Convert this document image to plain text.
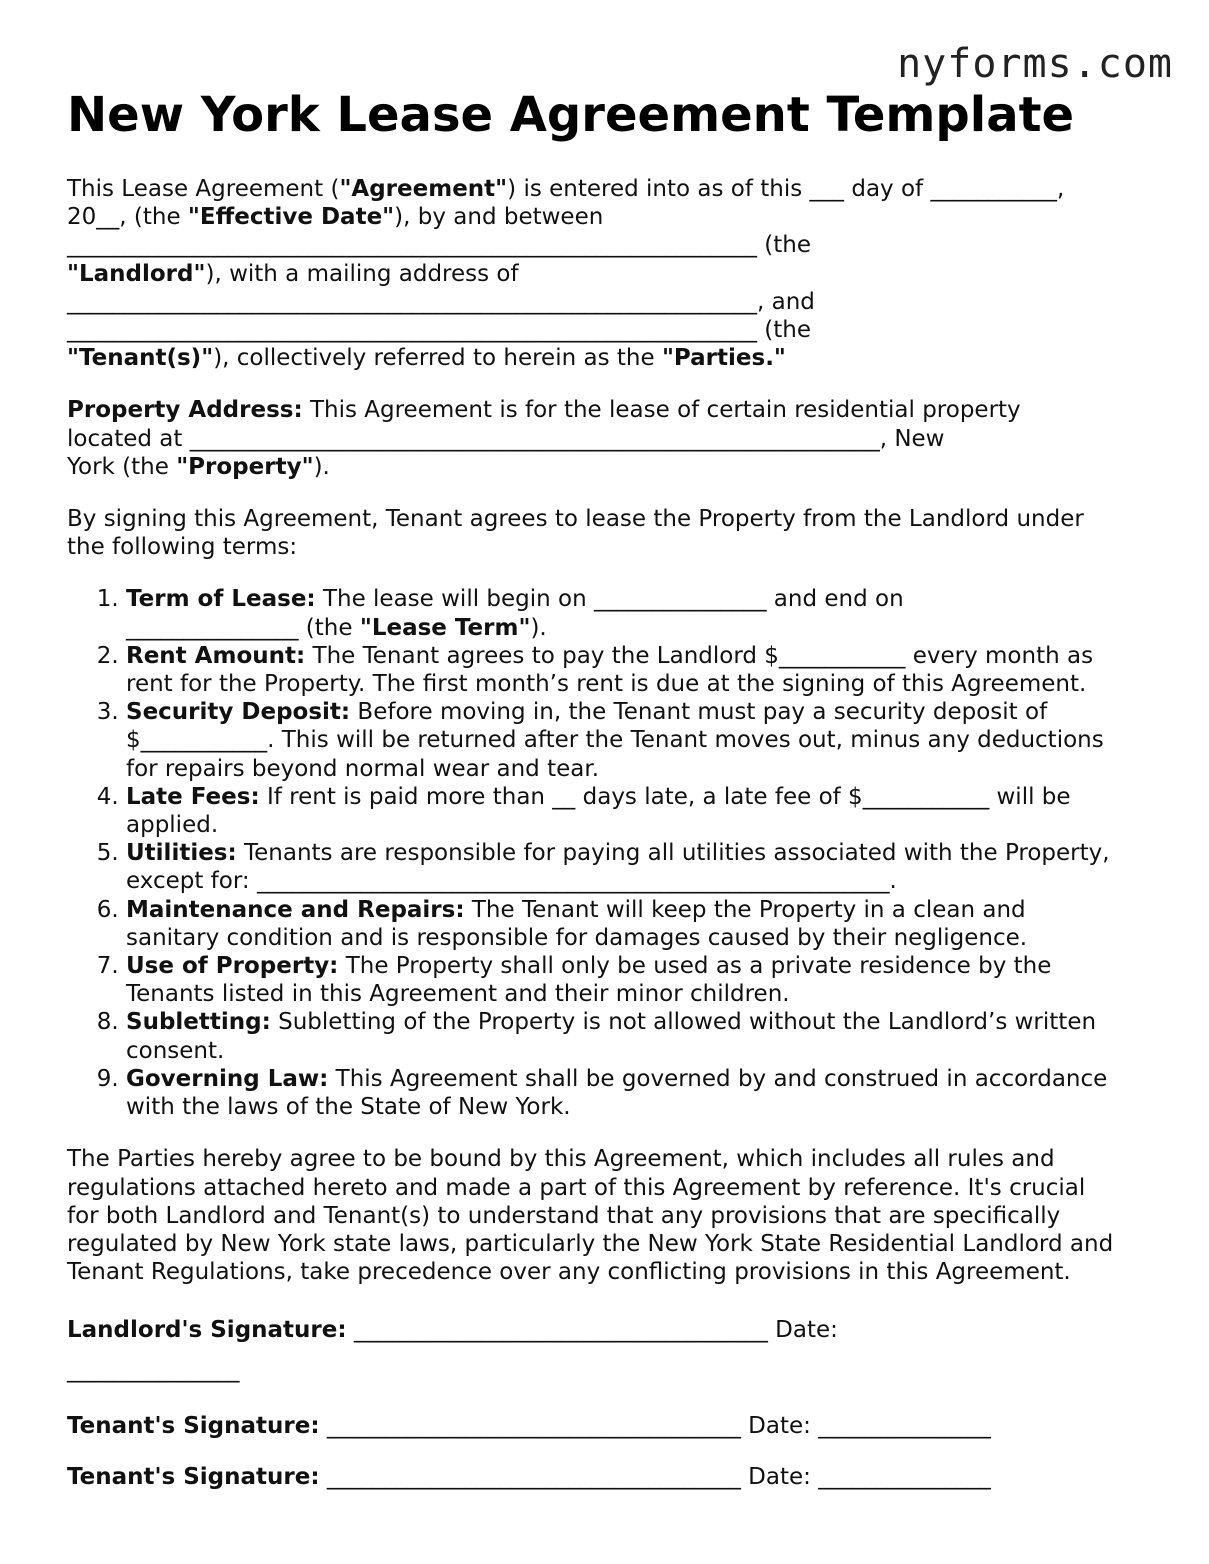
nyforms.com
New York Lease Agreement Template

This Lease Agreement ("Agreement") is entered into as of this ___ day of ___________,
20__, (the "Effective Date"), by and between
____________________________________________________________ (the
"Landlord"), with a mailing address of
____________________________________________________________, and
____________________________________________________________ (the
"Tenant(s)"), collectively referred to herein as the "Parties."

Property Address: This Agreement is for the lease of certain residential property
located at ____________________________________________________________, New
York (the "Property").

By signing this Agreement, Tenant agrees to lease the Property from the Landlord under
the following terms:

1. Term of Lease: The lease will begin on _______________ and end on
_______________ (the "Lease Term").
2. Rent Amount: The Tenant agrees to pay the Landlord $___________ every month as
rent for the Property. The first month’s rent is due at the signing of this Agreement.
3. Security Deposit: Before moving in, the Tenant must pay a security deposit of
$___________. This will be returned after the Tenant moves out, minus any deductions
for repairs beyond normal wear and tear.
4. Late Fees: If rent is paid more than __ days late, a late fee of $___________ will be
applied.
5. Utilities: Tenants are responsible for paying all utilities associated with the Property,
except for: _______________________________________________________.
6. Maintenance and Repairs: The Tenant will keep the Property in a clean and
sanitary condition and is responsible for damages caused by their negligence.
7. Use of Property: The Property shall only be used as a private residence by the
Tenants listed in this Agreement and their minor children.
8. Subletting: Subletting of the Property is not allowed without the Landlord’s written
consent.
9. Governing Law: This Agreement shall be governed by and construed in accordance
with the laws of the State of New York.

The Parties hereby agree to be bound by this Agreement, which includes all rules and
regulations attached hereto and made a part of this Agreement by reference. It's crucial
for both Landlord and Tenant(s) to understand that any provisions that are specifically
regulated by New York state laws, particularly the New York State Residential Landlord and
Tenant Regulations, take precedence over any conflicting provisions in this Agreement.

Landlord's Signature: ____________________________________ Date:
_______________

Tenant's Signature: ____________________________________ Date: _______________

Tenant's Signature: ____________________________________ Date: _______________
